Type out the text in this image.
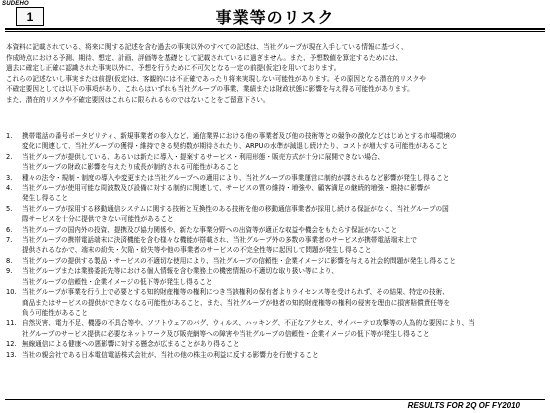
SUDEHO
1	事業等のリスク
本資料に記載されている、将来に関する記述を含む過去の事実以外のすべての記述は、当社グループが現在入手している情報に基づく、
作成時点における予測、期待、想定、計画、評価等を基礎として記載されているに過ぎません。また、予想数値を算定するためには、
過去に確定し正確に認識された事実以外に、予想を行うために不可欠となる一定の前提(仮定)を用いております。
これらの記述ないし事実または前提(仮定)は、客観的には不正確であったり将来実現しない可能性があります。その原因となる潜在的リスクや
不確定要因としては以下の事項があり、これらはいずれも当社グループの事業、業績または財政状態に影響を与え得る可能性があります。
また、潜在的リスクや不確定要因はこれらに限られるものではないことをご留意下さい。
1.	携帯電話の番号ポータビリティ、新規事業者の参入など、通信業界における他の事業者及び他の技術等との競争の激化などはじめとする市場環境の
変化に関連して、当社グループの獲得・維持できる契約数が期待されたり、ARPUの水準が減退し続けたり、コストが増大する可能性があること
2.	当社グループが提供している、あるいは新たに導入・提案するサービス・利用形態・販売方式が十分に展開できない場合、
当社グループの財政に影響を与えたり成長が制約される可能性があること
3.	種々の法令・規制・制度の導入や変更または当社グループへの適用により、当社グループの事業運営に制約が課されるなど影響が発生し得ること
4.	当社グループが使用可能な周波数及び設備に対する制約に関連して、サービスの質の維持・増強や、顧客満足の継続的増強・維持に影響が
発生し得ること
5.	当社グループが採用する移動通信システムに関する技術と互換性のある技術を他の移動通信事業者が採用し続ける保証がなく、当社グループの国
際サービスを十分に提供できない可能性があること
6.	当社グループの国内外の投資、提携及び協力関係や、新たな事業分野への出資等が適正な収益や機会をもたらす保証がないこと
7.	当社グループの携帯電話端末に決済機能を含む様々な機能が搭載され、当社グループ外の多数の事業者のサービスが携帯電話端末上で
提供されるなかで、端末の紛失・欠陥・紛失等や他の事業者のサービスの不完全性等に起因して問題が発生し得ること
8.	当社グループの提供する製品・サービスの不適切な使用により、当社グループの信頼性・企業イメージに影響を与える社会的問題が発生し得ること
9.	当社グループまたは業務委託先等における個人情報を含む業務上の機密情報の不適切な取り扱い等により、
当社グループの信頼性・企業イメージの低下等が発生し得ること
10. 当社グループが事業を行う上で必要とする知的財産権等の権利につき当該権利の保有者よりライセンス等を受けられず、その結果、特定の技術、
商品またはサービスの提供ができなくなる可能性があること、また、当社グループが他者の知的財産権等の権利の侵害を理由に損害賠償責任等を
負う可能性があること
11. 自然災害、電力不足、機器の不具合等や、ソフトウェアのバグ、ウィルス、ハッキング、不正なアクセス、サイバーテロ攻撃等の人為的な要因により、当
社グループのサービス提供に必要なネットワーク及び販売網等への障害や当社グループの信頼性・企業イメージの低下等が発生し得ること
12. 無線通信による健康への悪影響に対する懸念が広まることがあり得ること
13. 当社の親会社である日本電信電話株式会社が、当社の他の株主の利益に反する影響力を行使すること
RESULTS FOR 2Q OF FY2010
